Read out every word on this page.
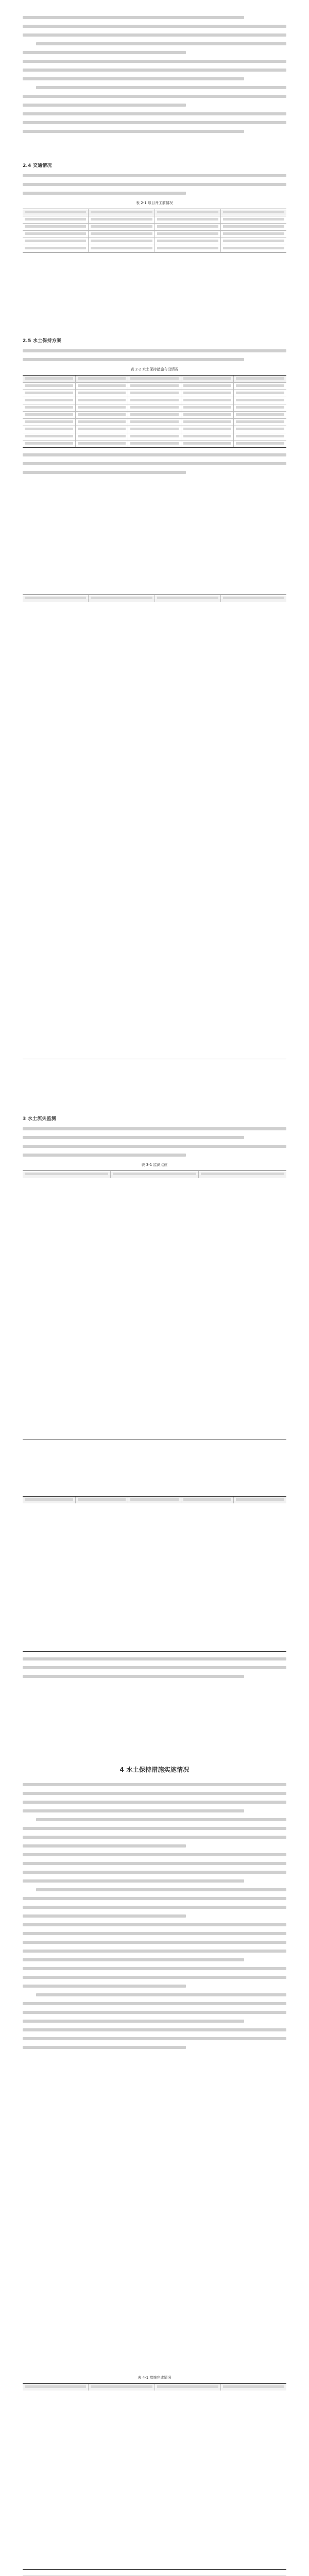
2.4 交通情况
表 2-1 项目开工前情况
2.5 水土保持方案
表 2-2 水土保持措施布设情况
3 水土流失监测
表 3-1 监测点位
4 水土保持措施实施情况
表 4-1 措施完成情况
